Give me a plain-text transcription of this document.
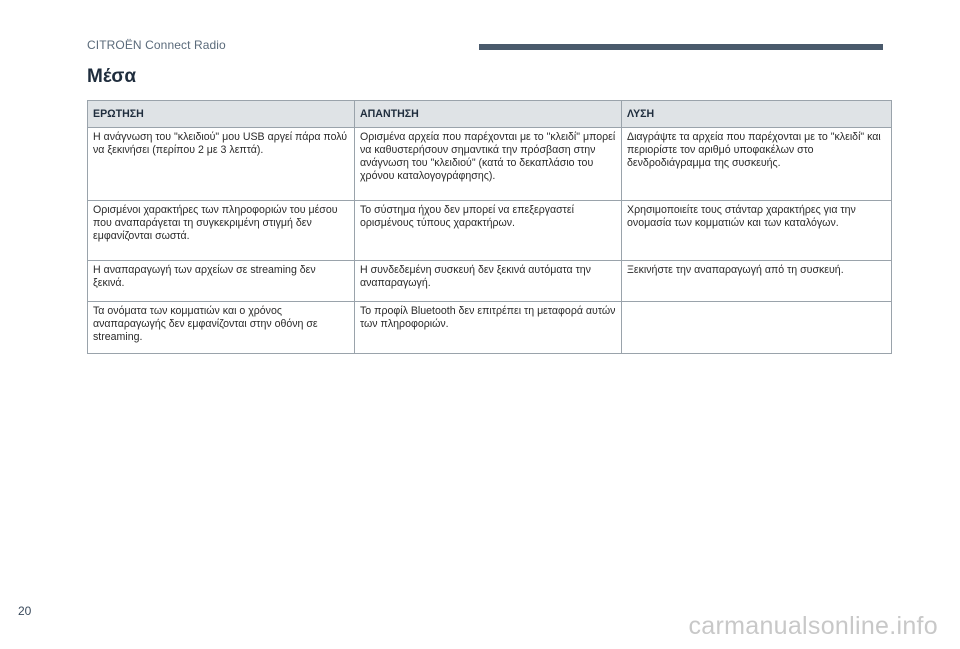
CITROËN Connect Radio
Μέσα
ΕΡΩΤΗΣΗ	ΑΠΑΝΤΗΣΗ	ΛΥΣΗ
Η ανάγνωση του "κλειδιού" μου USB αργεί πάρα πολύ να ξεκινήσει (περίπου 2 με 3 λεπτά).	Ορισμένα αρχεία που παρέχονται με το "κλειδί" μπορεί να καθυστερήσουν σημαντικά την πρόσβαση στην ανάγνωση του "κλειδιού" (κατά το δεκαπλάσιο του χρόνου καταλογογράφησης).	Διαγράψτε τα αρχεία που παρέχονται με το "κλειδί" και περιορίστε τον αριθμό υποφακέλων στο δενδροδιάγραμμα της συσκευής.
Ορισμένοι χαρακτήρες των πληροφοριών του μέσου που αναπαράγεται τη συγκεκριμένη στιγμή δεν εμφανίζονται σωστά.	Το σύστημα ήχου δεν μπορεί να επεξεργαστεί ορισμένους τύπους χαρακτήρων.	Χρησιμοποιείτε τους στάνταρ χαρακτήρες για την ονομασία των κομματιών και των καταλόγων.
Η αναπαραγωγή των αρχείων σε streaming δεν ξεκινά.	Η συνδεδεμένη συσκευή δεν ξεκινά αυτόματα την αναπαραγωγή.	Ξεκινήστε την αναπαραγωγή από τη συσκευή.
Τα ονόματα των κομματιών και ο χρόνος αναπαραγωγής δεν εμφανίζονται στην οθόνη σε streaming.	Το προφίλ Bluetooth δεν επιτρέπει τη μεταφορά αυτών των πληροφοριών.	
20
carmanualsonline.info
